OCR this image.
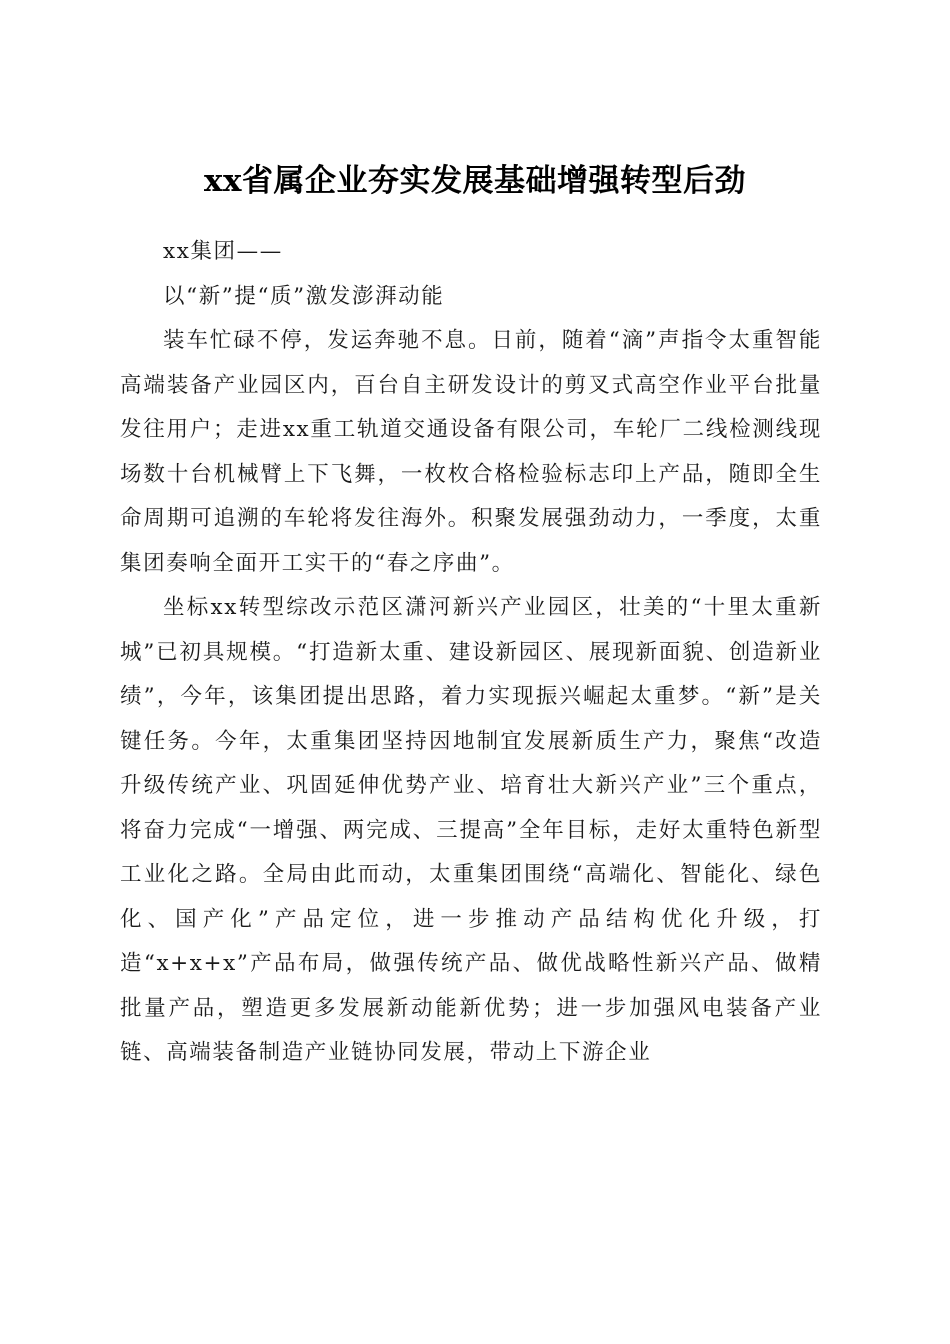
xx省属企业夯实发展基础增强转型后劲

xx集团——

以“新”提“质”激发澎湃动能

装车忙碌不停，发运奔驰不息。日前，随着“滴”声指令太重智能高端装备产业园区内，百台自主研发设计的剪叉式高空作业平台批量发往用户；走进xx重工轨道交通设备有限公司，车轮厂二线检测线现场数十台机械臂上下飞舞，一枚枚合格检验标志印上产品，随即全生命周期可追溯的车轮将发往海外。积聚发展强劲动力，一季度，太重集团奏响全面开工实干的“春之序曲”。

坐标xx转型综改示范区潇河新兴产业园区，壮美的“十里太重新城”已初具规模。“打造新太重、建设新园区、展现新面貌、创造新业绩”，今年，该集团提出思路，着力实现振兴崛起太重梦。“新”是关键任务。今年，太重集团坚持因地制宜发展新质生产力，聚焦“改造升级传统产业、巩固延伸优势产业、培育壮大新兴产业”三个重点，将奋力完成“一增强、两完成、三提高”全年目标，走好太重特色新型工业化之路。全局由此而动，太重集团围绕“高端化、智能化、绿色化、国产化”产品定位，进一步推动产品结构优化升级，打造“x+x+x”产品布局，做强传统产品、做优战略性新兴产品、做精批量产品，塑造更多发展新动能新优势；进一步加强风电装备产业链、高端装备制造产业链协同发展，带动上下游企业
